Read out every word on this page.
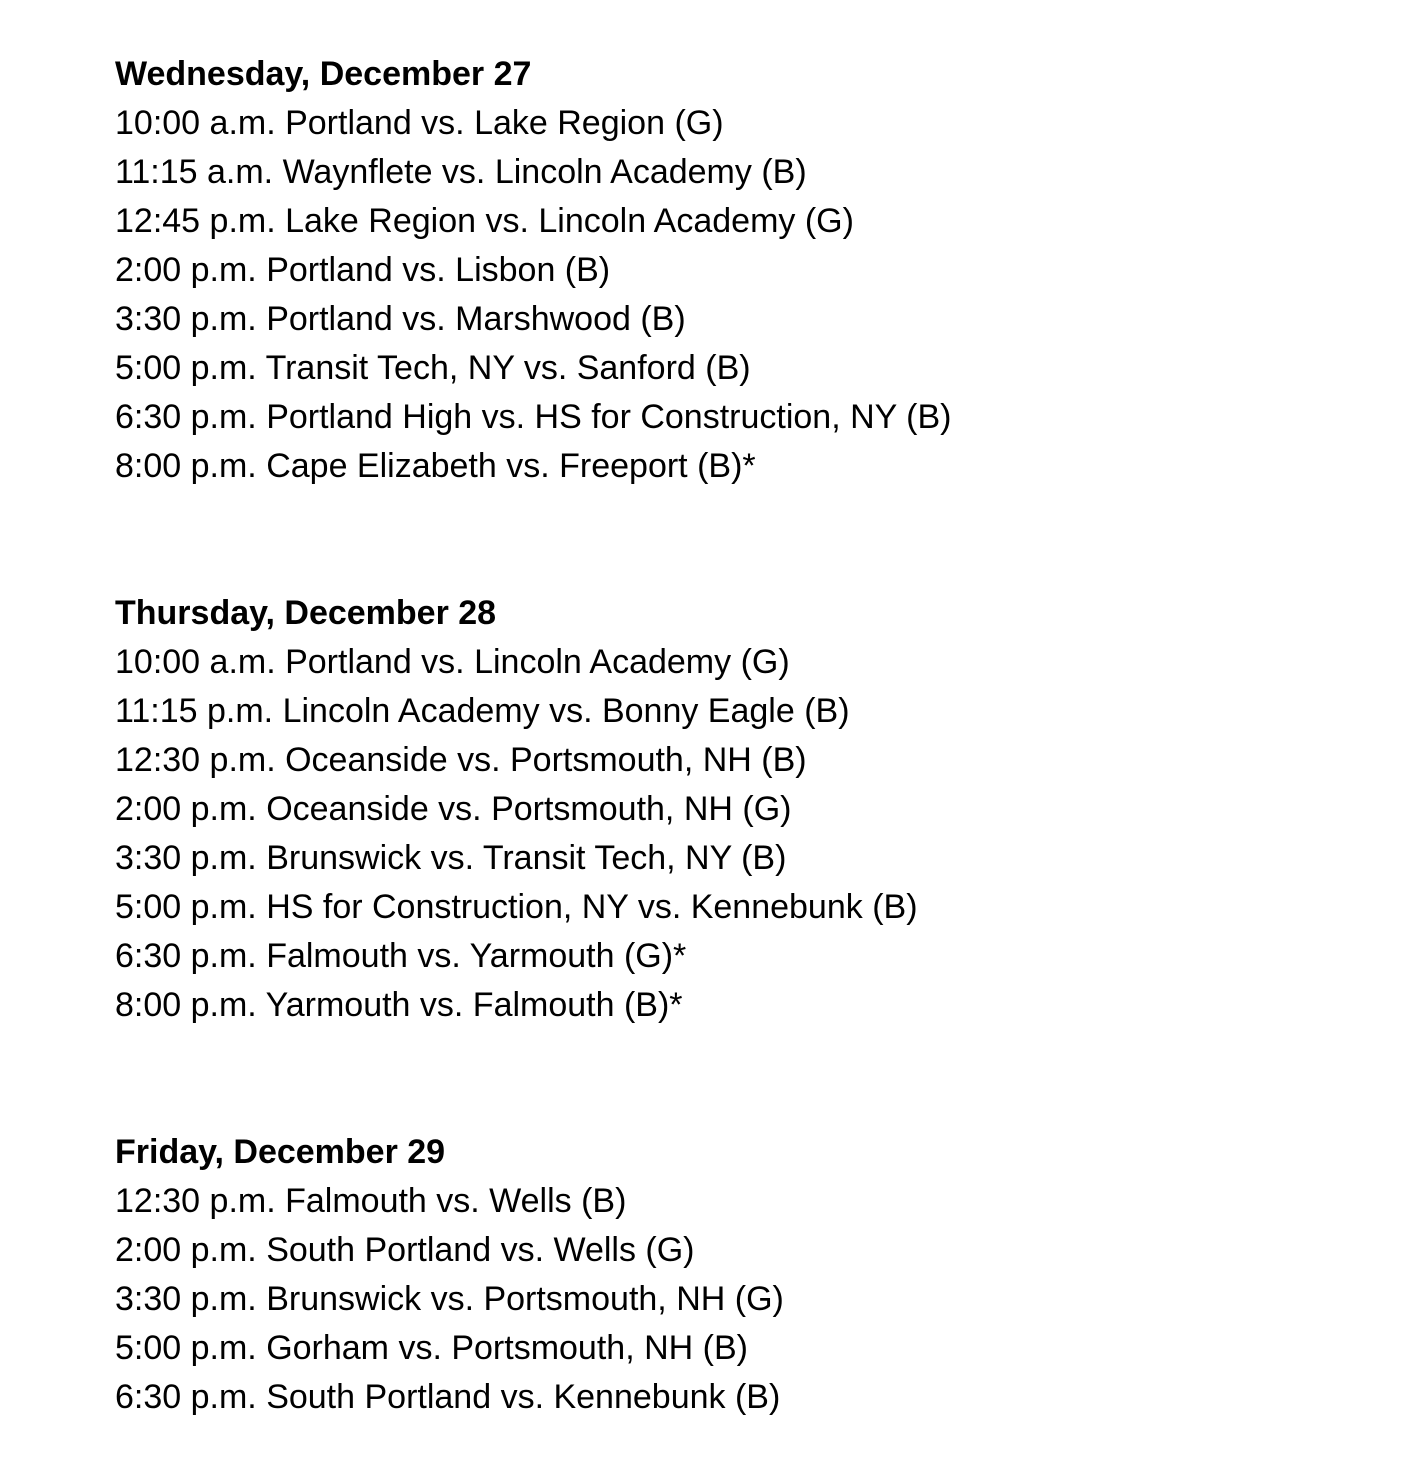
Wednesday, December 27
10:00 a.m. Portland vs. Lake Region (G)
11:15 a.m. Waynflete vs. Lincoln Academy (B)
12:45 p.m. Lake Region vs. Lincoln Academy (G)
2:00 p.m. Portland vs. Lisbon (B)
3:30 p.m. Portland vs. Marshwood (B)
5:00 p.m. Transit Tech, NY vs. Sanford (B)
6:30 p.m. Portland High vs. HS for Construction, NY (B)
8:00 p.m. Cape Elizabeth vs. Freeport (B)*
Thursday, December 28
10:00 a.m. Portland vs. Lincoln Academy (G)
11:15 p.m. Lincoln Academy vs. Bonny Eagle (B)
12:30 p.m. Oceanside vs. Portsmouth, NH (B)
2:00 p.m. Oceanside vs. Portsmouth, NH (G)
3:30 p.m. Brunswick vs. Transit Tech, NY (B)
5:00 p.m. HS for Construction, NY vs. Kennebunk (B)
6:30 p.m. Falmouth vs. Yarmouth (G)*
8:00 p.m. Yarmouth vs. Falmouth (B)*
Friday, December 29
12:30 p.m. Falmouth vs. Wells (B)
2:00 p.m. South Portland vs. Wells (G)
3:30 p.m. Brunswick vs. Portsmouth, NH (G)
5:00 p.m. Gorham vs. Portsmouth, NH (B)
6:30 p.m. South Portland vs. Kennebunk (B)
